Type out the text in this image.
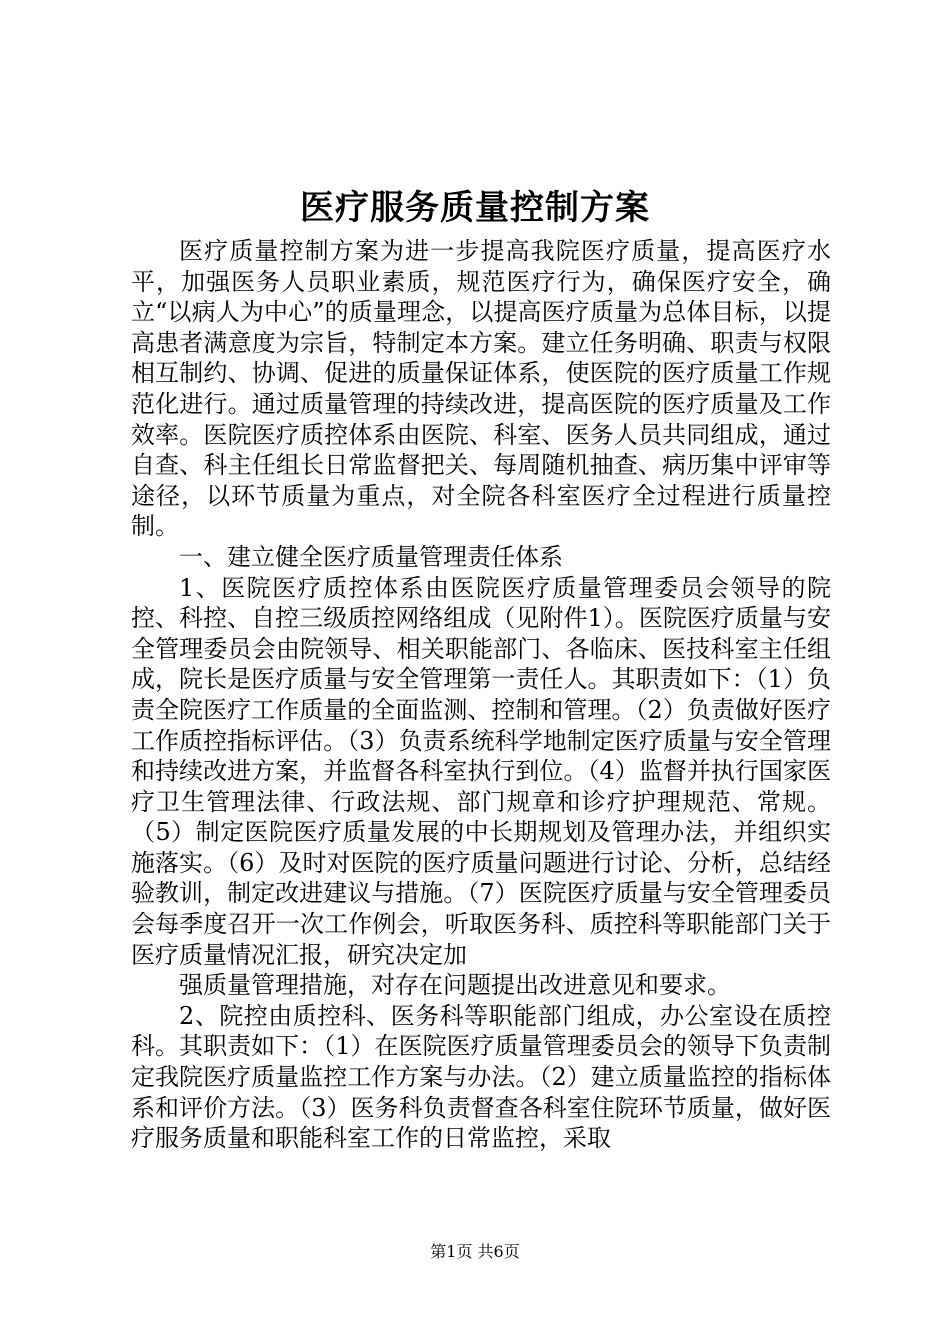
医疗服务质量控制方案

医疗质量控制方案为进一步提高我院医疗质量，提高医疗水平，加强医务人员职业素质，规范医疗行为，确保医疗安全，确立“以病人为中心”的质量理念，以提高医疗质量为总体目标，以提高患者满意度为宗旨，特制定本方案。建立任务明确、职责与权限相互制约、协调、促进的质量保证体系，使医院的医疗质量工作规范化进行。通过质量管理的持续改进，提高医院的医疗质量及工作效率。医院医疗质控体系由医院、科室、医务人员共同组成，通过自查、科主任组长日常监督把关、每周随机抽查、病历集中评审等途径，以环节质量为重点，对全院各科室医疗全过程进行质量控制。

一、建立健全医疗质量管理责任体系

1、医院医疗质控体系由医院医疗质量管理委员会领导的院控、科控、自控三级质控网络组成（见附件1）。医院医疗质量与安全管理委员会由院领导、相关职能部门、各临床、医技科室主任组成，院长是医疗质量与安全管理第一责任人。其职责如下：（1）负责全院医疗工作质量的全面监测、控制和管理。（2）负责做好医疗工作质控指标评估。（3）负责系统科学地制定医疗质量与安全管理和持续改进方案，并监督各科室执行到位。（4）监督并执行国家医疗卫生管理法律、行政法规、部门规章和诊疗护理规范、常规。（5）制定医院医疗质量发展的中长期规划及管理办法，并组织实施落实。（6）及时对医院的医疗质量问题进行讨论、分析，总结经验教训，制定改进建议与措施。（7）医院医疗质量与安全管理委员会每季度召开一次工作例会，听取医务科、质控科等职能部门关于医疗质量情况汇报，研究决定加

强质量管理措施，对存在问题提出改进意见和要求。

2、院控由质控科、医务科等职能部门组成，办公室设在质控科。其职责如下：（1）在医院医疗质量管理委员会的领导下负责制定我院医疗质量监控工作方案与办法。（2）建立质量监控的指标体系和评价方法。（3）医务科负责督查各科室住院环节质量，做好医疗服务质量和职能科室工作的日常监控，采取

第1页 共6页
